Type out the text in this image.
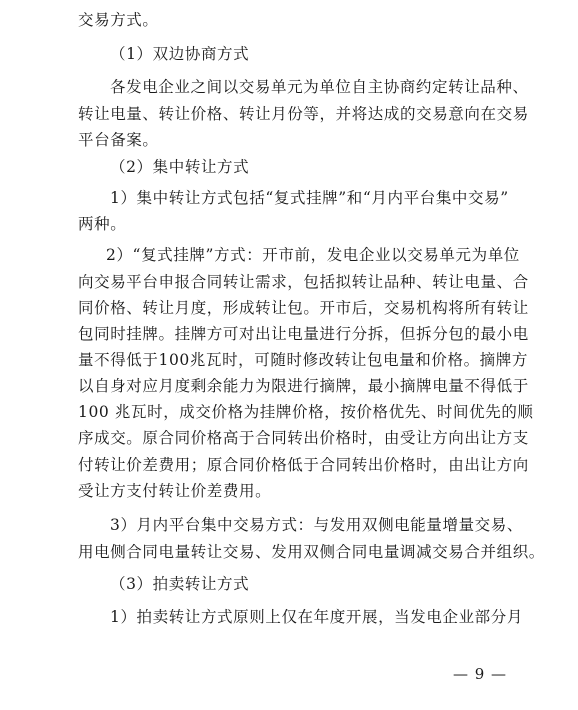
交易方式。
（1）双边协商方式
各发电企业之间以交易单元为单位自主协商约定转让品种、
转让电量、转让价格、转让月份等，并将达成的交易意向在交易
平台备案。
（2）集中转让方式
1）集中转让方式包括“复式挂牌”和“月内平台集中交易”
两种。
2）“复式挂牌”方式：开市前，发电企业以交易单元为单位
向交易平台申报合同转让需求，包括拟转让品种、转让电量、合
同价格、转让月度，形成转让包。开市后，交易机构将所有转让
包同时挂牌。挂牌方可对出让电量进行分拆，但拆分包的最小电
量不得低于100兆瓦时，可随时修改转让包电量和价格。摘牌方
以自身对应月度剩余能力为限进行摘牌，最小摘牌电量不得低于
100 兆瓦时，成交价格为挂牌价格，按价格优先、时间优先的顺
序成交。原合同价格高于合同转出价格时，由受让方向出让方支
付转让价差费用；原合同价格低于合同转出价格时，由出让方向
受让方支付转让价差费用。
3）月内平台集中交易方式：与发用双侧电能量增量交易、
用电侧合同电量转让交易、发用双侧合同电量调减交易合并组织。
（3）拍卖转让方式
1）拍卖转让方式原则上仅在年度开展，当发电企业部分月
— 9 —
